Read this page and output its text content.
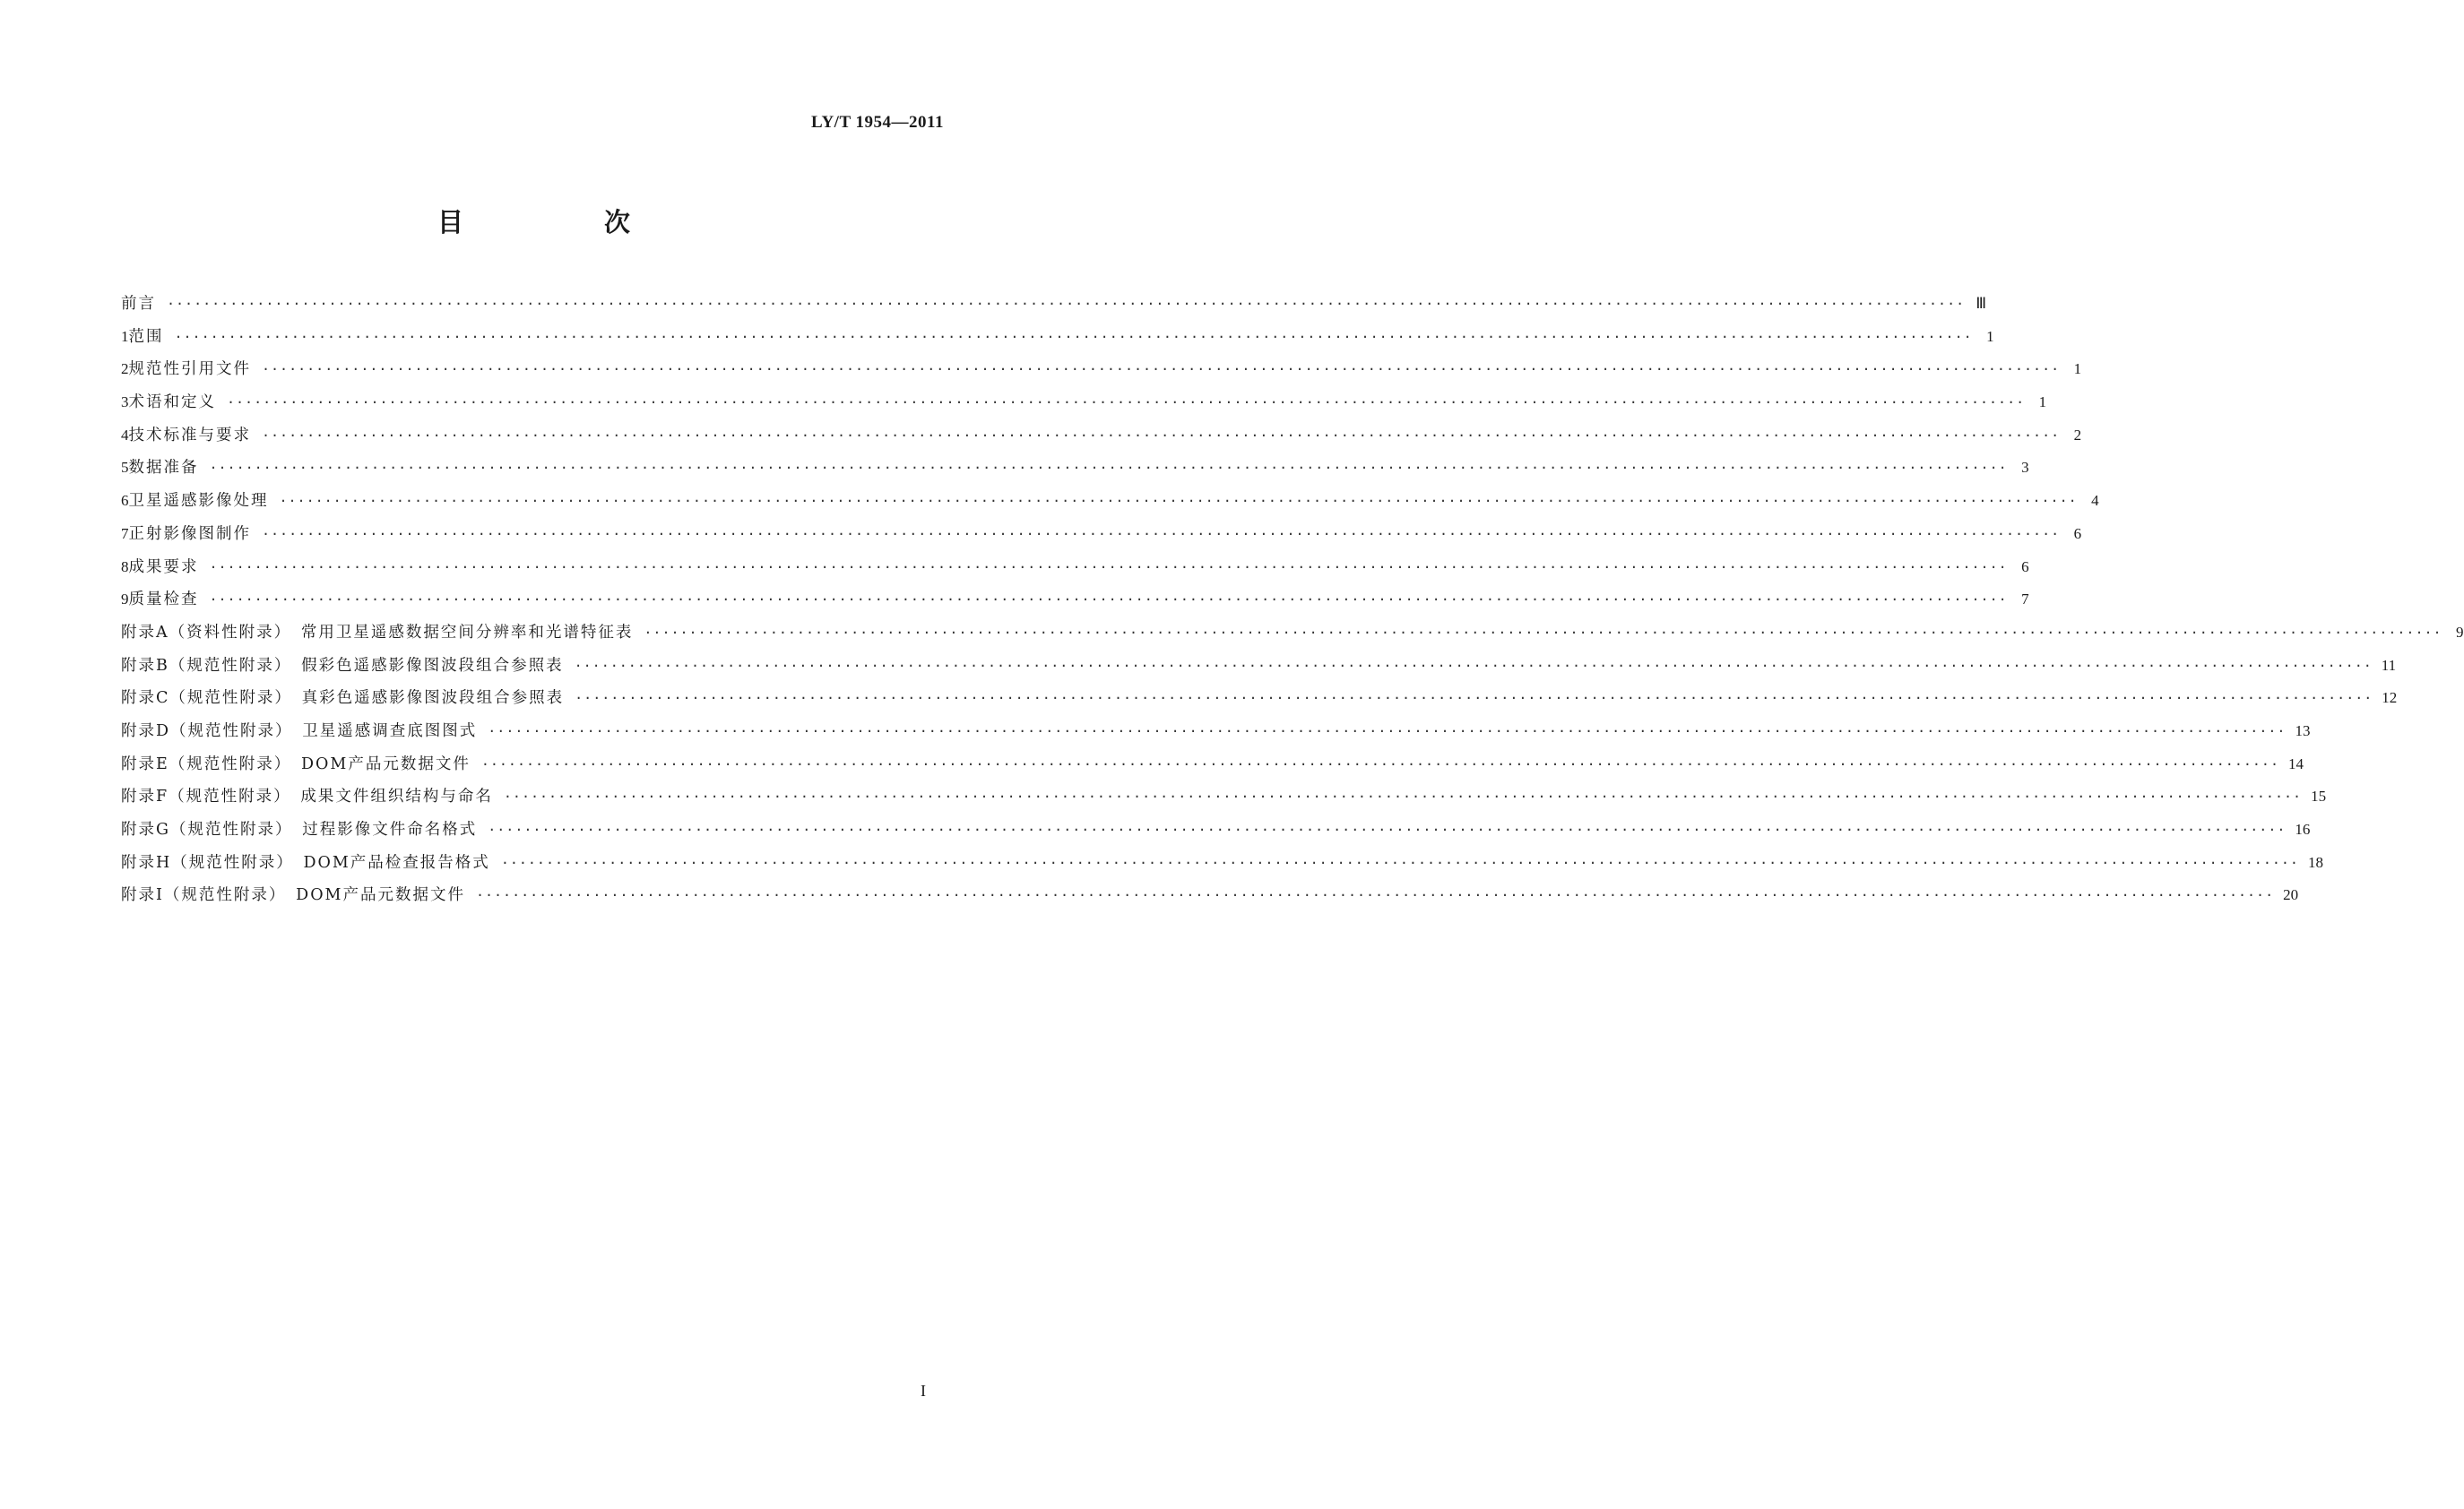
LY/T 1954—2011
目　次
前言 ········································································································································································································ Ⅲ
1 范围 ········································································································································································································ 1
2 规范性引用文件 ········································································································································································································ 1
3 术语和定义 ········································································································································································································ 1
4 技术标准与要求 ········································································································································································································ 2
5 数据准备 ········································································································································································································ 3
6 卫星遥感影像处理 ········································································································································································································ 4
7 正射影像图制作 ········································································································································································································ 6
8 成果要求 ········································································································································································································ 6
9 质量检查 ········································································································································································································ 7
附录A（资料性附录）　常用卫星遥感数据空间分辨率和光谱特征表 ········································································································································································································ 9
附录B（规范性附录）　假彩色遥感影像图波段组合参照表 ········································································································································································································ 11
附录C（规范性附录）　真彩色遥感影像图波段组合参照表 ········································································································································································································ 12
附录D（规范性附录）　卫星遥感调查底图图式 ········································································································································································································ 13
附录E（规范性附录）　DOM产品元数据文件 ········································································································································································································ 14
附录F（规范性附录）　成果文件组织结构与命名 ········································································································································································································ 15
附录G（规范性附录）　过程影像文件命名格式 ········································································································································································································ 16
附录H（规范性附录）　DOM产品检查报告格式 ········································································································································································································ 18
附录I（规范性附录）　DOM产品元数据文件 ········································································································································································································ 20
I
